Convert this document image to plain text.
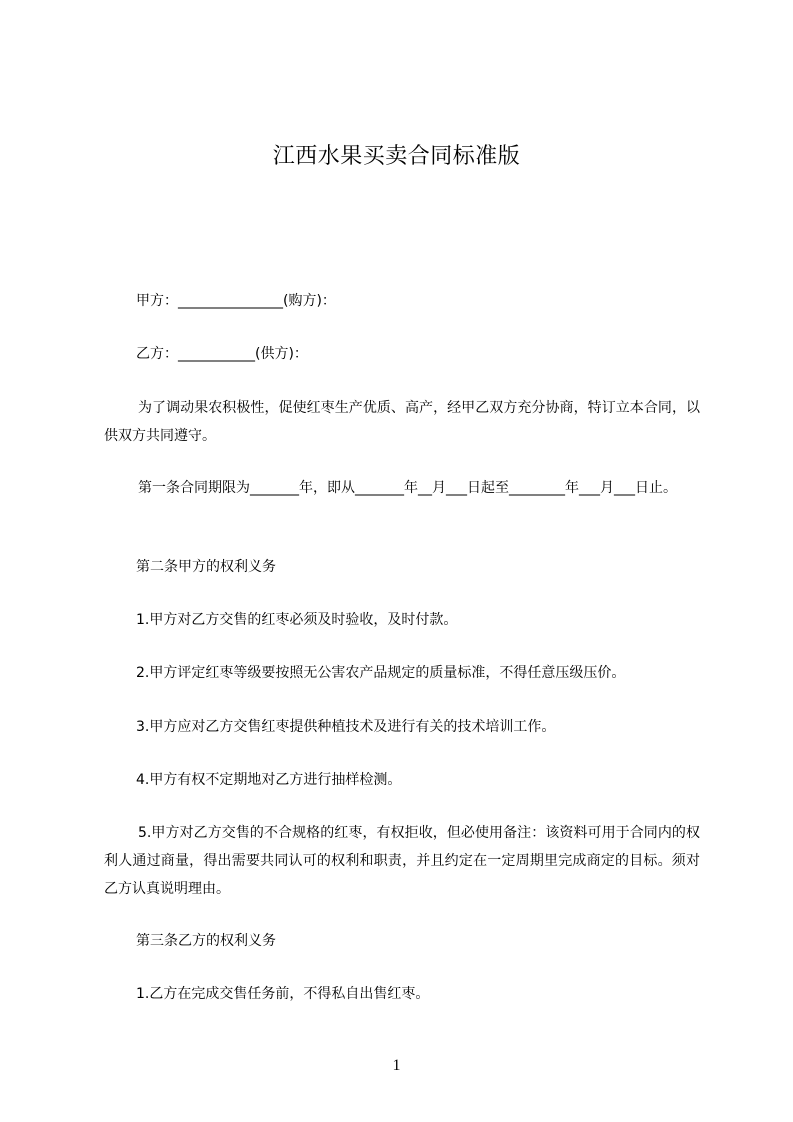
江西水果买卖合同标准版
甲方：_______________(购方)：
乙方：___________(供方)：
为了调动果农积极性，促使红枣生产优质、高产，经甲乙双方充分协商，特订立本合同，以供双方共同遵守。
第一条合同期限为_______年，即从_______年__月___日起至________年___月___日止。
第二条甲方的权利义务
1.甲方对乙方交售的红枣必须及时验收，及时付款。
2.甲方评定红枣等级要按照无公害农产品规定的质量标准，不得任意压级压价。
3.甲方应对乙方交售红枣提供种植技术及进行有关的技术培训工作。
4.甲方有权不定期地对乙方进行抽样检测。
5.甲方对乙方交售的不合规格的红枣，有权拒收，但必使用备注：该资料可用于合同内的权利人通过商量，得出需要共同认可的权利和职责，并且约定在一定周期里完成商定的目标。须对乙方认真说明理由。
第三条乙方的权利义务
1.乙方在完成交售任务前，不得私自出售红枣。
1
